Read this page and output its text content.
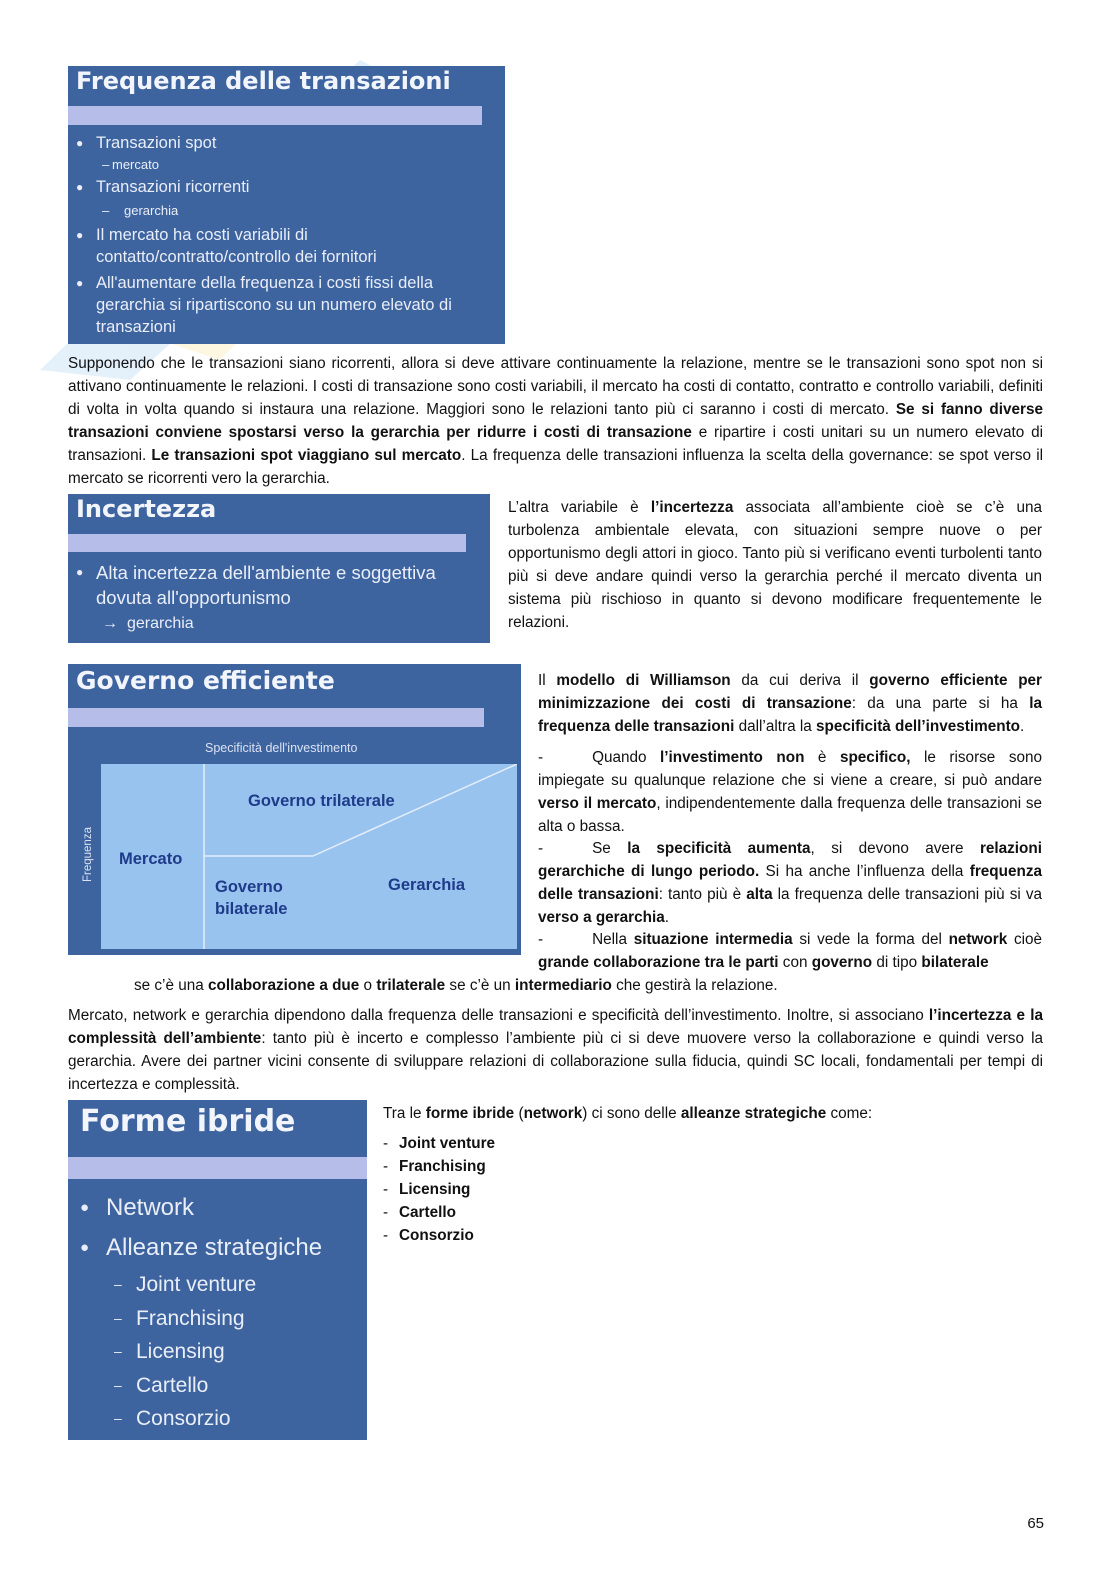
Frequenza delle transazioni
● Transazioni spot
– mercato
● Transazioni ricorrenti
– gerarchia
● Il mercato ha costi variabili di contatto/contratto/controllo dei fornitori
● All'aumentare della frequenza i costi fissi della gerarchia si ripartiscono su un numero elevato di transazioni
Supponendo che le transazioni siano ricorrenti, allora si deve attivare continuamente la relazione, mentre se le transazioni sono spot non si attivano continuamente le relazioni. I costi di transazione sono costi variabili, il mercato ha costi di contatto, contratto e controllo variabili, definiti di volta in volta quando si instaura una relazione. Maggiori sono le relazioni tanto più ci saranno i costi di mercato. Se si fanno diverse transazioni conviene spostarsi verso la gerarchia per ridurre i costi di transazione e ripartire i costi unitari su un numero elevato di transazioni. Le transazioni spot viaggiano sul mercato. La frequenza delle transazioni influenza la scelta della governance: se spot verso il mercato se ricorrenti vero la gerarchia.
Incertezza
● Alta incertezza dell'ambiente e soggettiva dovuta all'opportunismo
→ gerarchia
L’altra variabile è l’incertezza associata all’ambiente cioè se c’è una turbolenza ambientale elevata, con situazioni sempre nuove o per opportunismo degli attori in gioco. Tanto più si verificano eventi turbolenti tanto più si deve andare quindi verso la gerarchia perché il mercato diventa un sistema più rischioso in quanto si devono modificare frequentemente le relazioni.
Governo efficiente
Specificità dell'investimento
Frequenza Mercato
Governo trilaterale
Governo
bilaterale
Gerarchia
Il modello di Williamson da cui deriva il governo efficiente per minimizzazione dei costi di transazione: da una parte si ha la frequenza delle transazioni dall’altra la specificità dell’investimento.
-	Quando l’investimento non è specifico, le risorse sono impiegate su qualunque relazione che si viene a creare, si può andare verso il mercato, indipendentemente dalla frequenza delle transazioni se alta o bassa.
-	Se la specificità aumenta, si devono avere relazioni gerarchiche di lungo periodo. Si ha anche l’influenza della frequenza delle transazioni: tanto più è alta la frequenza delle transazioni più si va verso a gerarchia.
-	Nella situazione intermedia si vede la forma del network cioè grande collaborazione tra le parti con governo di tipo bilaterale
se c’è una collaborazione a due o trilaterale se c’è un intermediario che gestirà la relazione.
Mercato, network e gerarchia dipendono dalla frequenza delle transazioni e specificità dell’investimento. Inoltre, si associano l’incertezza e la complessità dell’ambiente: tanto più è incerto e complesso l’ambiente più ci si deve muovere verso la collaborazione e quindi verso la gerarchia. Avere dei partner vicini consente di sviluppare relazioni di collaborazione sulla fiducia, quindi SC locali, fondamentali per tempi di incertezza e complessità.
Forme ibride
● Network
● Alleanze strategiche
– Joint venture
– Franchising
– Licensing
– Cartello
– Consorzio
Tra le forme ibride (network) ci sono delle alleanze strategiche come:
- Joint venture
- Franchising
- Licensing
- Cartello
- Consorzio
65
